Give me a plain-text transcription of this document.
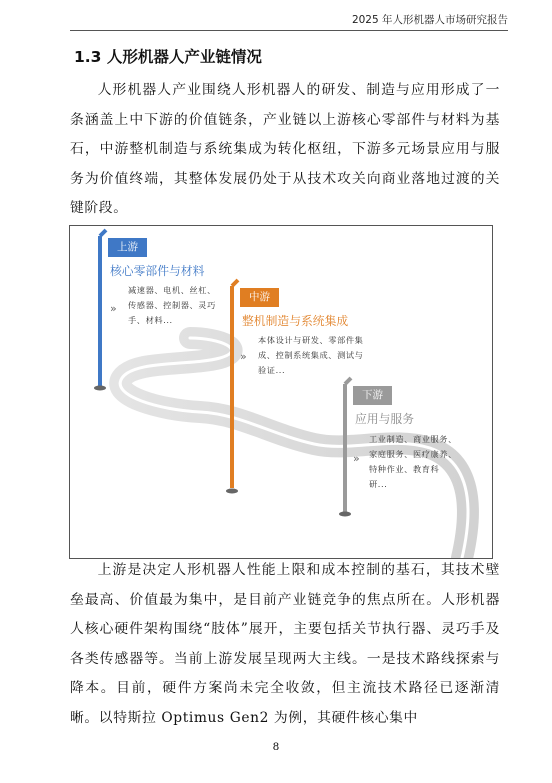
2025 年人形机器人市场研究报告
1.3 人形机器人产业链情况

人形机器人产业围绕人形机器人的研发、制造与应用形成了一条涵盖上中下游的价值链条，产业链以上游核心零部件与材料为基石，中游整机制造与系统集成为转化枢纽，下游多元场景应用与服务为价值终端，其整体发展仍处于从技术攻关向商业落地过渡的关键阶段。

上游
核心零部件与材料
»
减速器、电机、丝杠、
传感器、控制器、灵巧
手、材料...
中游
整机制造与系统集成
»
本体设计与研发、零部件集
成、控制系统集成、测试与
验证...
下游
应用与服务
»
工业制造、商业服务、
家庭服务、医疗康养、
特种作业、教育科
研...

上游是决定人形机器人性能上限和成本控制的基石，其技术壁垒最高、价值最为集中，是目前产业链竞争的焦点所在。人形机器人核心硬件架构围绕“肢体”展开，主要包括关节执行器、灵巧手及各类传感器等。当前上游发展呈现两大主线。一是技术路线探索与降本。目前，硬件方案尚未完全收敛，但主流技术路径已逐渐清晰。以特斯拉 Optimus Gen2 为例，其硬件核心集中

8
